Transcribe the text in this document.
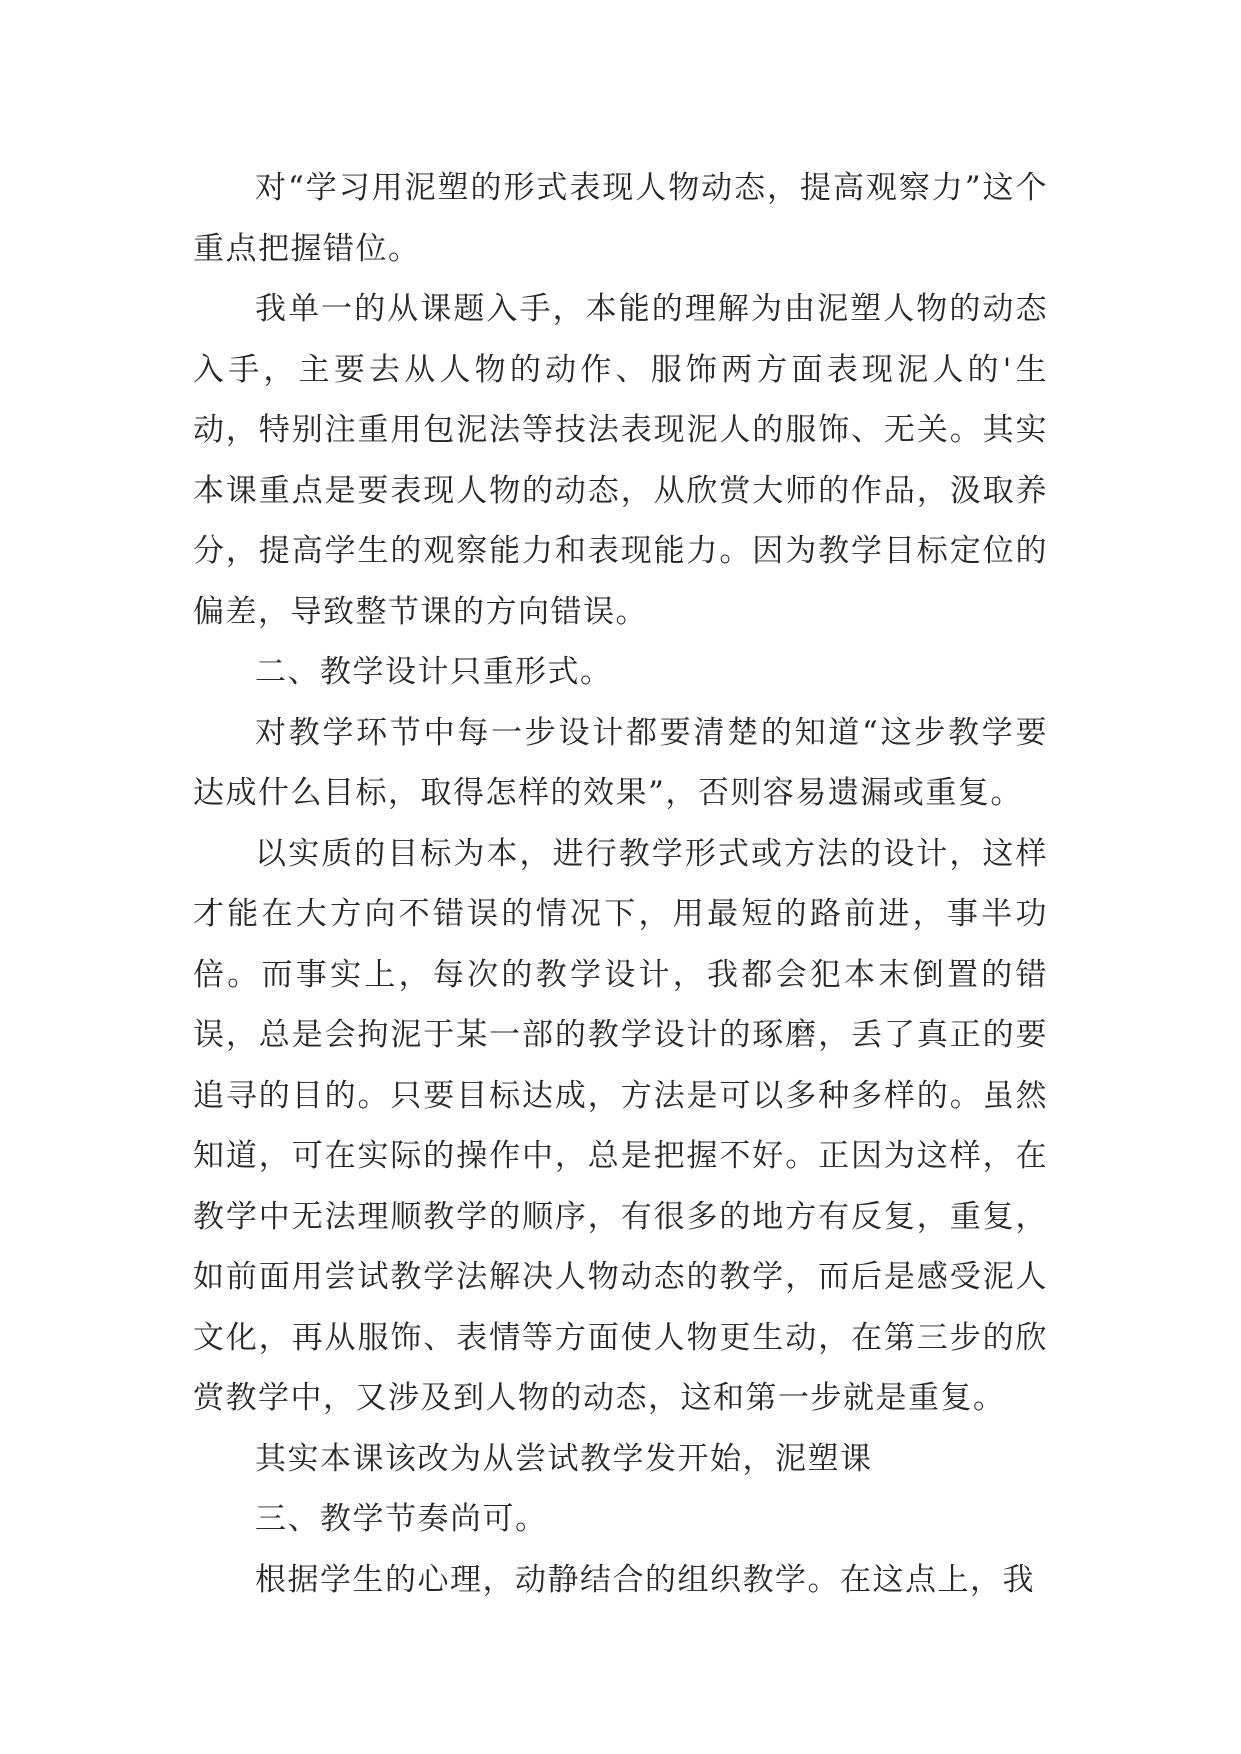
对“学习用泥塑的形式表现人物动态，提高观察力”这个重点把握错位。

我单一的从课题入手，本能的理解为由泥塑人物的动态入手，主要去从人物的动作、服饰两方面表现泥人的'生动，特别注重用包泥法等技法表现泥人的服饰、无关。其实本课重点是要表现人物的动态，从欣赏大师的作品，汲取养分，提高学生的观察能力和表现能力。因为教学目标定位的偏差，导致整节课的方向错误。

二、教学设计只重形式。

对教学环节中每一步设计都要清楚的知道“这步教学要达成什么目标，取得怎样的效果”，否则容易遗漏或重复。

以实质的目标为本，进行教学形式或方法的设计，这样才能在大方向不错误的情况下，用最短的路前进，事半功倍。而事实上，每次的教学设计，我都会犯本末倒置的错误，总是会拘泥于某一部的教学设计的琢磨，丢了真正的要追寻的目的。只要目标达成，方法是可以多种多样的。虽然知道，可在实际的操作中，总是把握不好。正因为这样，在教学中无法理顺教学的顺序，有很多的地方有反复，重复，如前面用尝试教学法解决人物动态的教学，而后是感受泥人文化，再从服饰、表情等方面使人物更生动，在第三步的欣赏教学中，又涉及到人物的动态，这和第一步就是重复。

其实本课该改为从尝试教学发开始，泥塑课

三、教学节奏尚可。

根据学生的心理，动静结合的组织教学。在这点上，我
